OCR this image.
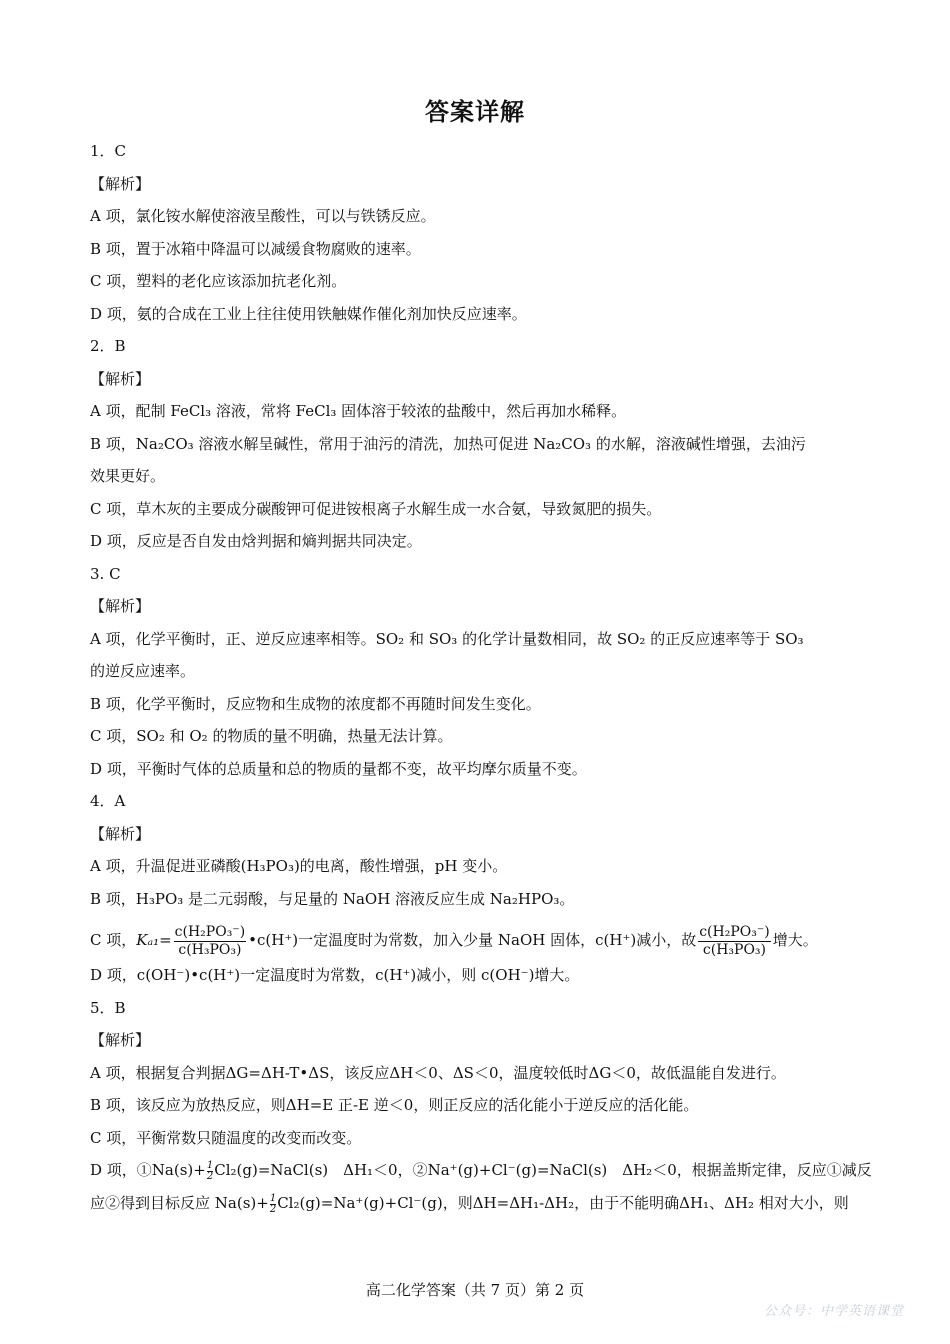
答案详解
1．C
【解析】
A 项，氯化铵水解使溶液呈酸性，可以与铁锈反应。
B 项，置于冰箱中降温可以减缓食物腐败的速率。
C 项，塑料的老化应该添加抗老化剂。
D 项，氨的合成在工业上往往使用铁触媒作催化剂加快反应速率。
2．B
【解析】
A 项，配制 FeCl₃ 溶液，常将 FeCl₃ 固体溶于较浓的盐酸中，然后再加水稀释。
B 项，Na₂CO₃ 溶液水解呈碱性，常用于油污的清洗，加热可促进 Na₂CO₃ 的水解，溶液碱性增强，去油污
效果更好。
C 项，草木灰的主要成分碳酸钾可促进铵根离子水解生成一水合氨，导致氮肥的损失。
D 项，反应是否自发由焓判据和熵判据共同决定。
3. C
【解析】
A 项，化学平衡时，正、逆反应速率相等。SO₂ 和 SO₃ 的化学计量数相同，故 SO₂ 的正反应速率等于 SO₃
的逆反应速率。
B 项，化学平衡时，反应物和生成物的浓度都不再随时间发生变化。
C 项，SO₂ 和 O₂ 的物质的量不明确，热量无法计算。
D 项，平衡时气体的总质量和总的物质的量都不变，故平均摩尔质量不变。
4．A
【解析】
A 项，升温促进亚磷酸(H₃PO₃)的电离，酸性增强，pH 变小。
B 项，H₃PO₃ 是二元弱酸，与足量的 NaOH 溶液反应生成 Na₂HPO₃。
C 项，$K_{a1}= \frac{\text{c(H₂PO₃⁻)}}{\text{c(H₃PO₃)}}$ •c(H⁺)一定温度时为常数，加入少量 NaOH 固体，c(H⁺)减小，故 $\frac{\text{c(H₂PO₃⁻)}}{\text{c(H₃PO₃)}}$ 增大。
D 项，c(OH⁻)•c(H⁺)一定温度时为常数，c(H⁺)减小，则 c(OH⁻)增大。
5．B
【解析】
A 项，根据复合判据ΔG=ΔH-T•ΔS，该反应ΔH＜0、ΔS＜0，温度较低时ΔG＜0，故低温能自发进行。
B 项，该反应为放热反应，则ΔH=E 正-E 逆＜0，则正反应的活化能小于逆反应的活化能。
C 项，平衡常数只随温度的改变而改变。
D 项，①Na(s)+ $\frac{1}{2}$ Cl₂(g)=NaCl(s)　ΔH₁＜0，②Na⁺(g)+Cl⁻(g)=NaCl(s)　ΔH₂＜0，根据盖斯定律，反应①减反
应②得到目标反应 $Na(s)+ \frac{1}{2} Cl_2(g)=Na^+(g)+Cl^-(g)$，则ΔH=ΔH₁-ΔH₂，由于不能明确ΔH₁、ΔH₂ 相对大小，则
高二化学答案（共 7 页）第 2 页
公众号：中学英语课堂
